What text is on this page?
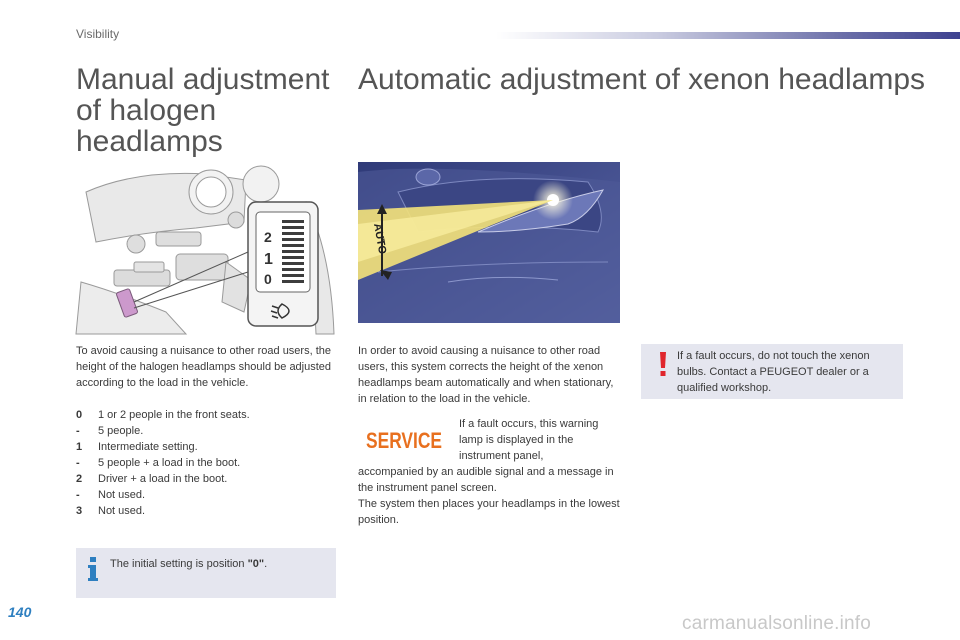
Visibility
Manual adjustment of halogen headlamps
Automatic adjustment of xenon headlamps
2
1
0
AUTO

To avoid causing a nuisance to other road users, the height of the halogen headlamps should be adjusted according to the load in the vehicle.

0	1 or 2 people in the front seats.
-	5 people.
1	Intermediate setting.
-	5 people + a load in the boot.
2	Driver + a load in the boot.
-	Not used.
3	Not used.

In order to avoid causing a nuisance to other road users, this system corrects the height of the xenon headlamps beam automatically and when stationary, in relation to the load in the vehicle.

SERVICE

If a fault occurs, this warning lamp is displayed in the instrument panel,

accompanied by an audible signal and a message in the instrument panel screen.

The system then places your headlamps in the lowest position.

If a fault occurs, do not touch the xenon bulbs. Contact a PEUGEOT dealer or a qualified workshop.

The initial setting is position "0".

140
carmanualsonline.info
